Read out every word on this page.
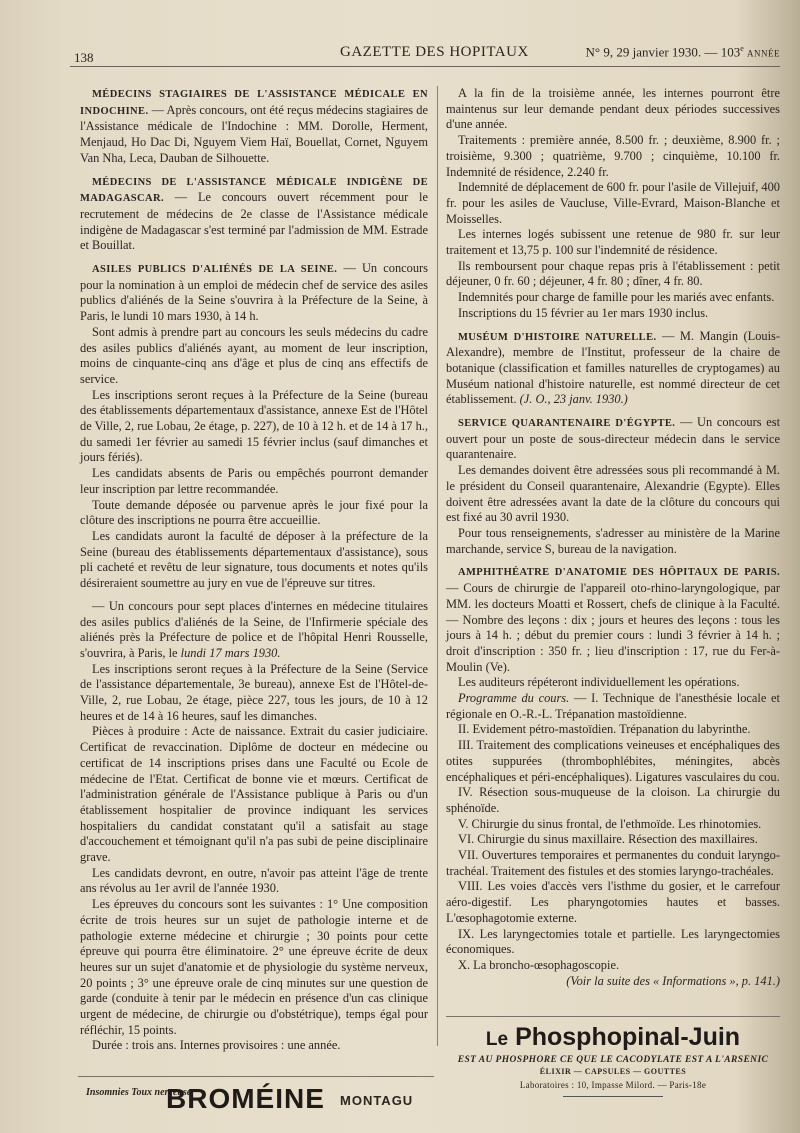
138	GAZETTE DES HOPITAUX	N° 9, 29 janvier 1930. — 103e ANNÉE

MÉDECINS STAGIAIRES DE L'ASSISTANCE MÉDICALE EN INDOCHINE. — Après concours, ont été reçus médecins stagiaires de l'Assistance médicale de l'Indochine : MM. Dorolle, Herment, Menjaud, Ho Dac Di, Nguyem Viem Haï, Bouellat, Cornet, Nguyem Van Nha, Leca, Dauban de Silhouette.

MÉDECINS DE L'ASSISTANCE MÉDICALE INDIGÈNE DE MADAGASCAR. — Le concours ouvert récemment pour le recrutement de médecins de 2e classe de l'Assistance médicale indigène de Madagascar s'est terminé par l'admission de MM. Estrade et Bouillat.

ASILES PUBLICS D'ALIÉNÉS DE LA SEINE. — Un concours pour la nomination à un emploi de médecin chef de service des asiles publics d'aliénés de la Seine s'ouvrira à la Préfecture de la Seine, à Paris, le lundi 10 mars 1930, à 14 h.

Sont admis à prendre part au concours les seuls médecins du cadre des asiles publics d'aliénés ayant, au moment de leur inscription, moins de cinquante-cinq ans d'âge et plus de cinq ans effectifs de service.

Les inscriptions seront reçues à la Préfecture de la Seine (bureau des établissements départementaux d'assistance, annexe Est de l'Hôtel de Ville, 2, rue Lobau, 2e étage, p. 227), de 10 à 12 h. et de 14 à 17 h., du samedi 1er février au samedi 15 février inclus (sauf dimanches et jours fériés).

Les candidats absents de Paris ou empêchés pourront demander leur inscription par lettre recommandée.

Toute demande déposée ou parvenue après le jour fixé pour la clôture des inscriptions ne pourra être accueillie.

Les candidats auront la faculté de déposer à la préfecture de la Seine (bureau des établissements départementaux d'assistance), sous pli cacheté et revêtu de leur signature, tous documents et notes qu'ils désireraient soumettre au jury en vue de l'épreuve sur titres.

— Un concours pour sept places d'internes en médecine titulaires des asiles publics d'aliénés de la Seine, de l'Infirmerie spéciale des aliénés près la Préfecture de police et de l'hôpital Henri Rousselle, s'ouvrira, à Paris, le lundi 17 mars 1930.

Les inscriptions seront reçues à la Préfecture de la Seine (Service de l'assistance départementale, 3e bureau), annexe Est de l'Hôtel-de-Ville, 2, rue Lobau, 2e étage, pièce 227, tous les jours, de 10 à 12 heures et de 14 à 16 heures, sauf les dimanches.

Pièces à produire : Acte de naissance. Extrait du casier judiciaire. Certificat de revaccination. Diplôme de docteur en médecine ou certificat de 14 inscriptions prises dans une Faculté ou Ecole de médecine de l'Etat. Certificat de bonne vie et mœurs. Certificat de l'administration générale de l'Assistance publique à Paris ou d'un établissement hospitalier de province indiquant les services hospitaliers du candidat constatant qu'il a satisfait au stage d'accouchement et témoignant qu'il n'a pas subi de peine disciplinaire grave.

Les candidats devront, en outre, n'avoir pas atteint l'âge de trente ans révolus au 1er avril de l'année 1930.

Les épreuves du concours sont les suivantes : 1° Une composition écrite de trois heures sur un sujet de pathologie interne et de pathologie externe médecine et chirurgie ; 30 points pour cette épreuve qui pourra être éliminatoire. 2° une épreuve écrite de deux heures sur un sujet d'anatomie et de physiologie du système nerveux, 20 points ; 3° une épreuve orale de cinq minutes sur une question de garde (conduite à tenir par le médecin en présence d'un cas clinique urgent de médecine, de chirurgie ou d'obstétrique), temps égal pour réfléchir, 15 points.

Durée : trois ans. Internes provisoires : une année.

A la fin de la troisième année, les internes pourront être maintenus sur leur demande pendant deux périodes successives d'une année.

Traitements : première année, 8.500 fr. ; deuxième, 8.900 fr. ; troisième, 9.300 ; quatrième, 9.700 ; cinquième, 10.100 fr. Indemnité de résidence, 2.240 fr.

Indemnité de déplacement de 600 fr. pour l'asile de Villejuif, 400 fr. pour les asiles de Vaucluse, Ville-Evrard, Maison-Blanche et Moisselles.

Les internes logés subissent une retenue de 980 fr. sur leur traitement et 13,75 p. 100 sur l'indemnité de résidence.

Ils remboursent pour chaque repas pris à l'établissement : petit déjeuner, 0 fr. 60 ; déjeuner, 4 fr. 80 ; dîner, 4 fr. 80.

Indemnités pour charge de famille pour les mariés avec enfants.

Inscriptions du 15 février au 1er mars 1930 inclus.

MUSÉUM D'HISTOIRE NATURELLE. — M. Mangin (Louis-Alexandre), membre de l'Institut, professeur de la chaire de botanique (classification et familles naturelles de cryptogames) au Muséum national d'histoire naturelle, est nommé directeur de cet établissement. (J. O., 23 janv. 1930.)

SERVICE QUARANTENAIRE D'ÉGYPTE. — Un concours est ouvert pour un poste de sous-directeur médecin dans le service quarantenaire.

Les demandes doivent être adressées sous pli recommandé à M. le président du Conseil quarantenaire, Alexandrie (Egypte). Elles doivent être adressées avant la date de la clôture du concours qui est fixé au 30 avril 1930.

Pour tous renseignements, s'adresser au ministère de la Marine marchande, service S, bureau de la navigation.

AMPHITHÉATRE D'ANATOMIE DES HÔPITAUX DE PARIS. — Cours de chirurgie de l'appareil oto-rhino-laryngologique, par MM. les docteurs Moatti et Rossert, chefs de clinique à la Faculté. — Nombre des leçons : dix ; jours et heures des leçons : tous les jours à 14 h. ; début du premier cours : lundi 3 février à 14 h. ; droit d'inscription : 350 fr. ; lieu d'inscription : 17, rue du Fer-à-Moulin (Ve).

Les auditeurs répéteront individuellement les opérations.

Programme du cours. — I. Technique de l'anesthésie locale et régionale en O.-R.-L. Trépanation mastoïdienne.

II. Evidement pétro-mastoïdien. Trépanation du labyrinthe.

III. Traitement des complications veineuses et encéphaliques des otites suppurées (thrombophlébites, méningites, abcès encéphaliques et péri-encéphaliques). Ligatures vasculaires du cou.

IV. Résection sous-muqueuse de la cloison. La chirurgie du sphénoïde.

V. Chirurgie du sinus frontal, de l'ethmoïde. Les rhinotomies.

VI. Chirurgie du sinus maxillaire. Résection des maxillaires.

VII. Ouvertures temporaires et permanentes du conduit laryngo-trachéal. Traitement des fistules et des stomies laryngo-trachéales.

VIII. Les voies d'accès vers l'isthme du gosier, et le carrefour aéro-digestif. Les pharyngotomies hautes et basses. L'œsophagotomie externe.

IX. Les laryngectomies totale et partielle. Les laryngectomies économiques.

X. La broncho-œsophagoscopie.

(Voir la suite des « Informations », p. 141.)

Insomnies Toux nerveuse.
BROMÉINE MONTAGU
Le Phosphopinal-Juin
EST AU PHOSPHORE CE QUE LE CACODYLATE EST A L'ARSENIC
ÉLIXIR — CAPSULES — GOUTTES
Laboratoires : 10, Impasse Milord. — Paris-18e
